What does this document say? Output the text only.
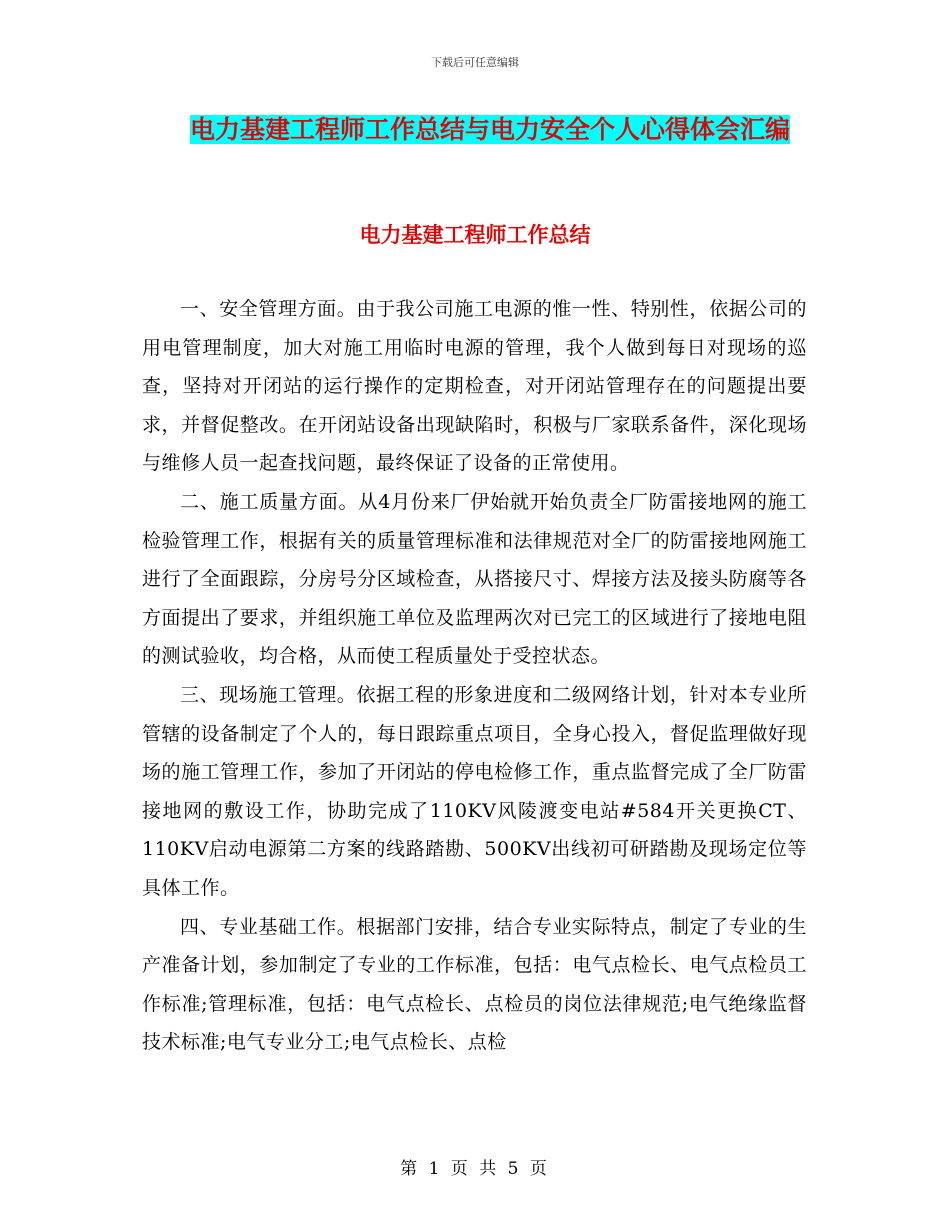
下载后可任意编辑
电力基建工程师工作总结与电力安全个人心得体会汇编
电力基建工程师工作总结

一、安全管理方面。由于我公司施工电源的惟一性、特别性，依据公司的用电管理制度，加大对施工用临时电源的管理，我个人做到每日对现场的巡查，坚持对开闭站的运行操作的定期检查，对开闭站管理存在的问题提出要求，并督促整改。在开闭站设备出现缺陷时，积极与厂家联系备件，深化现场与维修人员一起查找问题，最终保证了设备的正常使用。

二、施工质量方面。从4月份来厂伊始就开始负责全厂防雷接地网的施工检验管理工作，根据有关的质量管理标准和法律规范对全厂的防雷接地网施工进行了全面跟踪，分房号分区域检查，从搭接尺寸、焊接方法及接头防腐等各方面提出了要求，并组织施工单位及监理两次对已完工的区域进行了接地电阻的测试验收，均合格，从而使工程质量处于受控状态。

三、现场施工管理。依据工程的形象进度和二级网络计划，针对本专业所管辖的设备制定了个人的，每日跟踪重点项目，全身心投入，督促监理做好现场的施工管理工作，参加了开闭站的停电检修工作，重点监督完成了全厂防雷接地网的敷设工作，协助完成了110KV风陵渡变电站#584开关更换CT、110KV启动电源第二方案的线路踏勘、500KV出线初可研踏勘及现场定位等具体工作。

四、专业基础工作。根据部门安排，结合专业实际特点，制定了专业的生产准备计划，参加制定了专业的工作标准，包括：电气点检长、电气点检员工作标准;管理标准，包括：电气点检长、点检员的岗位法律规范;电气绝缘监督技术标准;电气专业分工;电气点检长、点检

第 1 页 共 5 页
